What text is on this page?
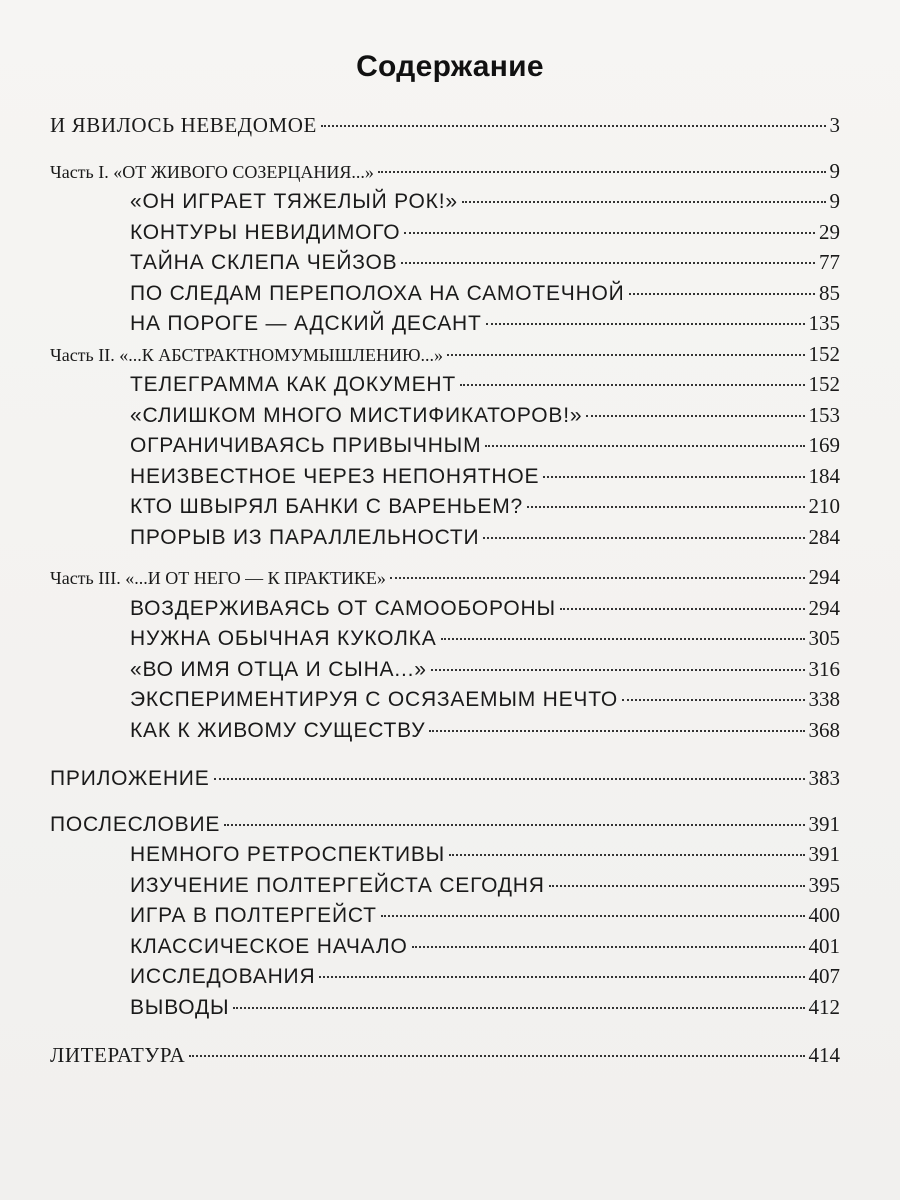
Содержание
И ЯВИЛОСЬ НЕВЕДОМОЕ	3
Часть I. «ОТ ЖИВОГО СОЗЕРЦАНИЯ...»	9
«ОН ИГРАЕТ ТЯЖЕЛЫЙ РОК!»	9
КОНТУРЫ НЕВИДИМОГО	29
ТАЙНА СКЛЕПА ЧЕЙЗОВ	77
ПО СЛЕДАМ ПЕРЕПОЛОХА НА САМОТЕЧНОЙ	85
НА ПОРОГЕ — АДСКИЙ ДЕСАНТ	135
Часть II. «...К АБСТРАКТНОМУМЫШЛЕНИЮ...»	152
ТЕЛЕГРАММА КАК ДОКУМЕНТ	152
«СЛИШКОМ МНОГО МИСТИФИКАТОРОВ!»	153
ОГРАНИЧИВАЯСЬ ПРИВЫЧНЫМ	169
НЕИЗВЕСТНОЕ ЧЕРЕЗ НЕПОНЯТНОЕ	184
КТО ШВЫРЯЛ БАНКИ С ВАРЕНЬЕМ?	210
ПРОРЫВ ИЗ ПАРАЛЛЕЛЬНОСТИ	284
Часть III. «...И ОТ НЕГО — К ПРАКТИКЕ»	294
ВОЗДЕРЖИВАЯСЬ ОТ САМООБОРОНЫ	294
НУЖНА ОБЫЧНАЯ КУКОЛКА	305
«ВО ИМЯ ОТЦА И СЫНА...»	316
ЭКСПЕРИМЕНТИРУЯ С ОСЯЗАЕМЫМ НЕЧТО	338
КАК К ЖИВОМУ СУЩЕСТВУ	368
ПРИЛОЖЕНИЕ	383
ПОСЛЕСЛОВИЕ	391
НЕМНОГО РЕТРОСПЕКТИВЫ	391
ИЗУЧЕНИЕ ПОЛТЕРГЕЙСТА СЕГОДНЯ	395
ИГРА В ПОЛТЕРГЕЙСТ	400
КЛАССИЧЕСКОЕ НАЧАЛО	401
ИССЛЕДОВАНИЯ	407
ВЫВОДЫ	412
ЛИТЕРАТУРА	414
